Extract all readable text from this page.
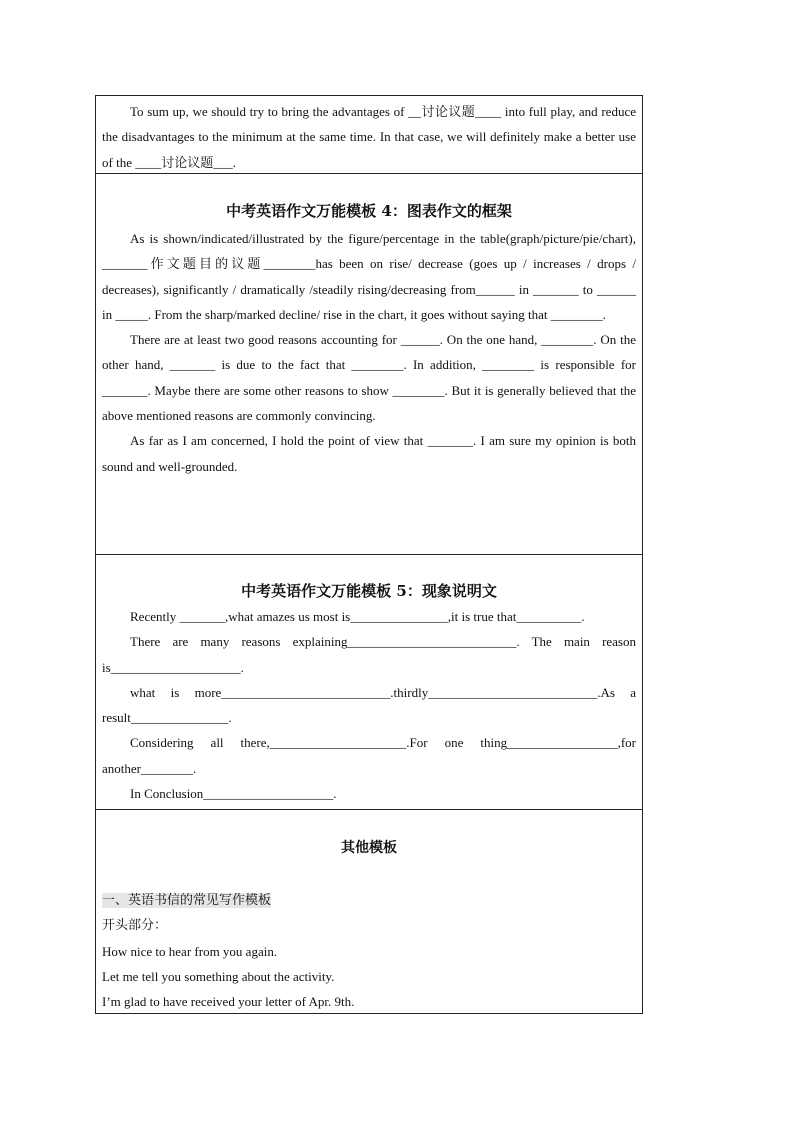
To sum up, we should try to bring the advantages of __讨论议题____ into full play, and reduce the disadvantages to the minimum at the same time. In that case, we will definitely make a better use of the ____讨论议题___.

中考英语作文万能模板 4：图表作文的框架

As is shown/indicated/illustrated by the figure/percentage in the table(graph/picture/pie/chart), _______作文题目的议题________has been on rise/ decrease (goes up / increases / drops / decreases), significantly / dramatically /steadily rising/decreasing from______ in _______ to ______ in _____. From the sharp/marked decline/ rise in the chart, it goes without saying that ________.

There are at least two good reasons accounting for ______. On the one hand, ________. On the other hand, _______ is due to the fact that ________. In addition, ________ is responsible for _______. Maybe there are some other reasons to show ________. But it is generally believed that the above mentioned reasons are commonly convincing.

As far as I am concerned, I hold the point of view that _______. I am sure my opinion is both sound and well-grounded.

中考英语作文万能模板 5：现象说明文

Recently _______,what amazes us most is_______________,it is true that__________.

There are many reasons explaining__________________________. The main reason is____________________.

what is more__________________________.thirdly__________________________.As a result_______________.

Considering all there,_____________________.For one thing_________________,for another________.

In Conclusion____________________.

其他模板

一、英语书信的常见写作模板

开头部分：

How nice to hear from you again.

Let me tell you something about the activity.

I’m glad to have received your letter of Apr. 9th.
